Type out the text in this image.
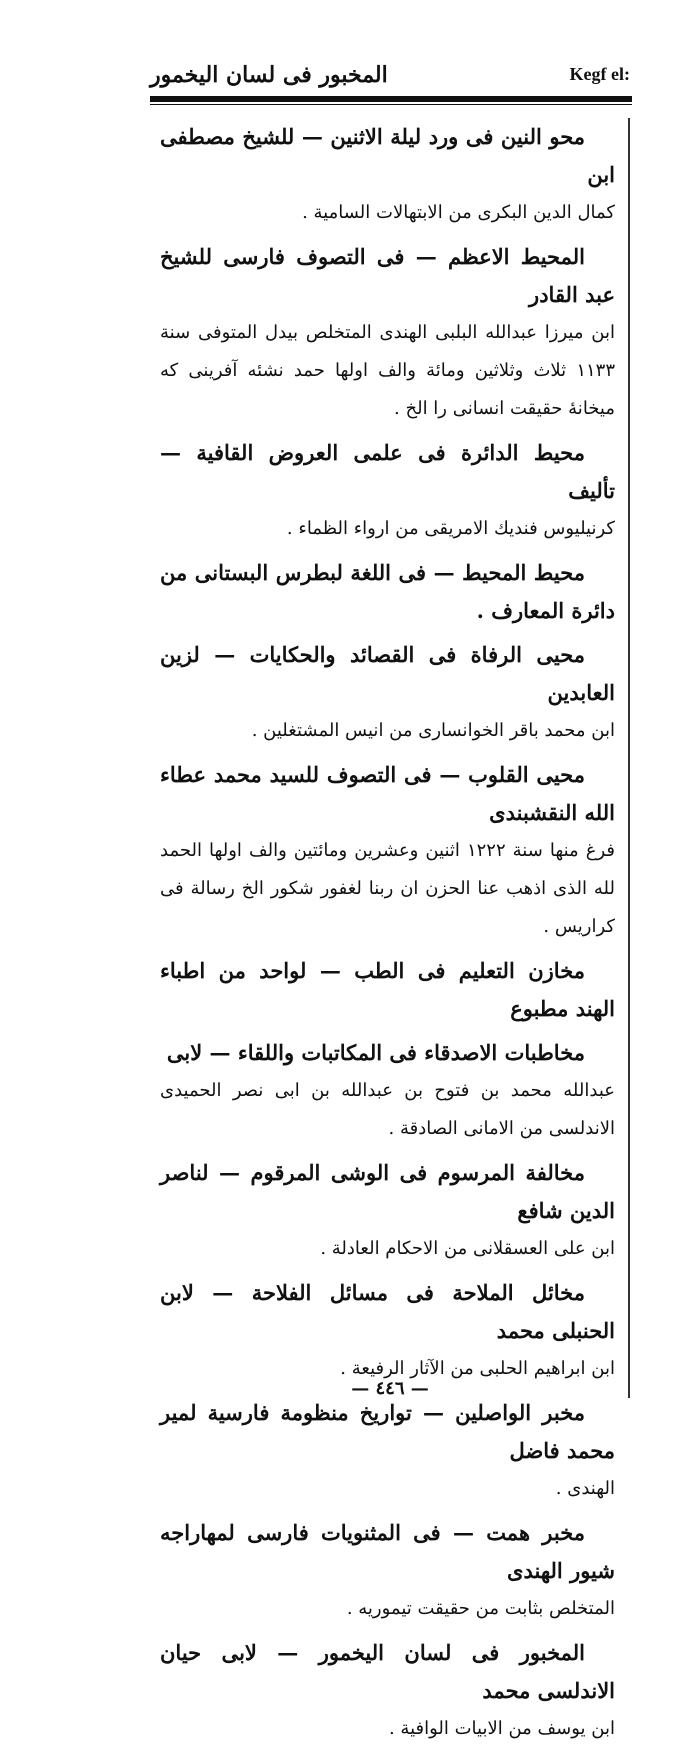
المخبور فى لسان اليخمور	Kegf el:

محو النين فى ورد ليلة الاثنين — للشيخ مصطفى ابن

كمال الدين البكرى من الابتهالات السامية .

المحيط الاعظم — فى التصوف فارسى للشيخ عبد القادر

ابن ميرزا عبدالله البلبى الهندى المتخلص بيدل المتوفى سنة ١١٣٣ ثلاث وثلاثين ومائة والف اولها حمد نشئه آفرينى كه ميخانهٔ حقيقت انسانى را الخ .

محيط الدائرة فى علمى العروض القافية — تأليف

كرنيليوس فنديك الامريقى من ارواء الظماء .

محيط المحيط — فى اللغة لبطرس البستانى من دائرة المعارف .

محيى الرفاة فى القصائد والحكايات — لزين العابدين

ابن محمد باقر الخوانسارى من انيس المشتغلين .

محيى القلوب — فى التصوف للسيد محمد عطاء الله النقشبندى

فرغ منها سنة ١٢٢٢ اثنين وعشرين ومائتين والف اولها الحمد لله الذى اذهب عنا الحزن ان ربنا لغفور شكور الخ رسالة فى كراريس .

مخازن التعليم فى الطب — لواحد من اطباء الهند مطبوع

مخاطبات الاصدقاء فى المكاتبات واللقاء — لابى

عبدالله محمد بن فتوح بن عبدالله بن ابى نصر الحميدى الاندلسى من الامانى الصادقة .

مخالفة المرسوم فى الوشى المرقوم — لناصر الدين شافع

ابن على العسقلانى من الاحكام العادلة .

مخائل الملاحة فى مسائل الفلاحة — لابن الحنبلى محمد

ابن ابراهيم الحلبى من الآثار الرفيعة .

مخبر الواصلين — تواريخ منظومة فارسية لمير محمد فاضل

الهندى .

مخبر همت — فى المثنويات فارسى لمهاراجه شيور الهندى

المتخلص بثابت من حقيقت تيموريه .

المخبور فى لسان اليخمور — لابى حيان الاندلسى محمد

ابن يوسف من الابيات الوافية .

— ٤٤٦ —
